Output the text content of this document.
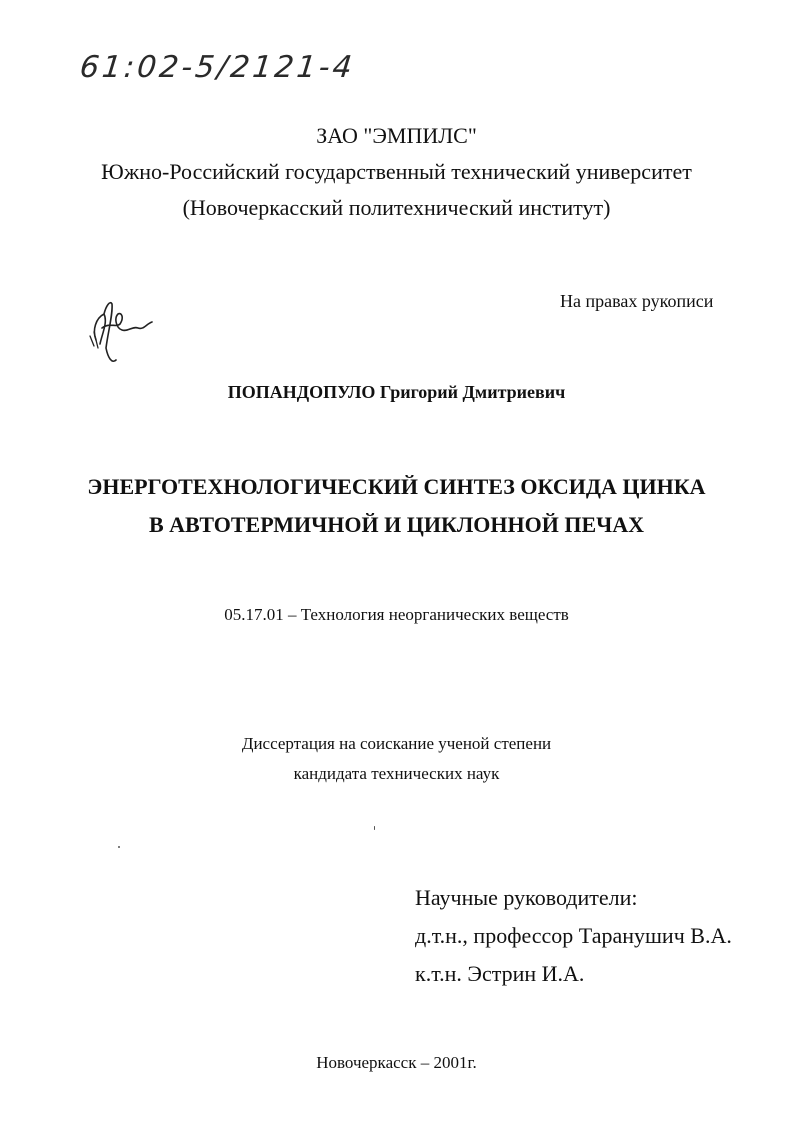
61:02-5/2121-4
ЗАО "ЭМПИЛС"
Южно-Российский государственный технический университет
(Новочеркасский политехнический институт)
На правах рукописи
ПОПАНДОПУЛО Григорий Дмитриевич
ЭНЕРГОТЕХНОЛОГИЧЕСКИЙ СИНТЕЗ ОКСИДА ЦИНКА
В АВТОТЕРМИЧНОЙ И ЦИКЛОННОЙ ПЕЧАХ
05.17.01 – Технология неорганических веществ
Диссертация на соискание ученой степени
кандидата технических наук
Научные руководители:
д.т.н., профессор Таранушич В.А.
к.т.н. Эстрин И.А.
Новочеркасск – 2001г.
